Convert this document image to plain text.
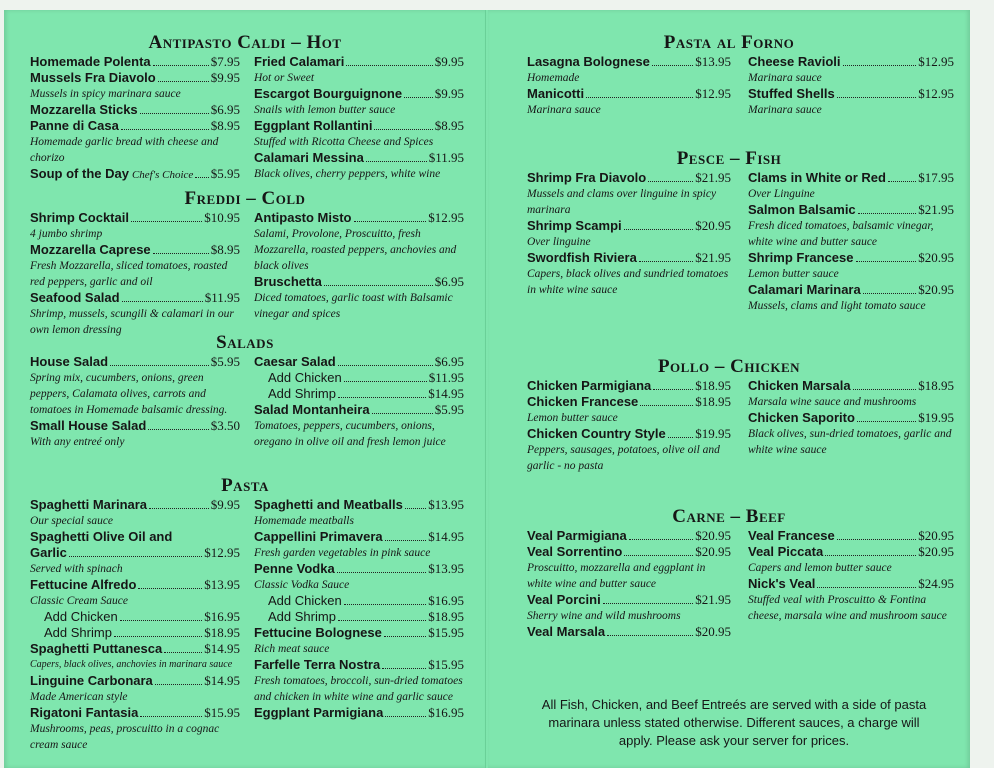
Antipasto Caldi – Hot
Homemade Polenta	$7.95
Mussels Fra Diavolo	$9.95
Mussels in spicy marinara sauce
Mozzarella Sticks	$6.95
Panne di Casa	$8.95
Homemade garlic bread with cheese and chorizo
Soup of the Day Chef's Choice $5.95
Fried Calamari	$9.95
Hot or Sweet
Escargot Bourguignone	$9.95
Snails with lemon butter sauce
Eggplant Rollantini	$8.95
Stuffed with Ricotta Cheese and Spices
Calamari Messina	$11.95
Black olives, cherry peppers, white wine
Freddi – Cold
Shrimp Cocktail	$10.95
4 jumbo shrimp
Mozzarella Caprese	$8.95
Fresh Mozzarella, sliced tomatoes, roasted red peppers, garlic and oil
Seafood Salad	$11.95
Shrimp, mussels, scungili & calamari in our own lemon dressing
Antipasto Misto	$12.95
Salami, Provolone, Proscuitto, fresh Mozzarella, roasted peppers, anchovies and black olives
Bruschetta	$6.95
Diced tomatoes, garlic toast with Balsamic vinegar and spices
Salads
House Salad	$5.95
Spring mix, cucumbers, onions, green peppers, Calamata olives, carrots and tomatoes in Homemade balsamic dressing.
Small House Salad	$3.50
With any entreé only
Caesar Salad	$6.95
Add Chicken	$11.95
Add Shrimp	$14.95
Salad Montanheira	$5.95
Tomatoes, peppers, cucumbers, onions, oregano in olive oil and fresh lemon juice
Pasta
Spaghetti Marinara	$9.95
Our special sauce
Spaghetti Olive Oil and
Garlic	$12.95
Served with spinach
Fettucine Alfredo	$13.95
Classic Cream Sauce
Add Chicken	$16.95
Add Shrimp	$18.95
Spaghetti Puttanesca	$14.95
Capers, black olives, anchovies in marinara sauce
Linguine Carbonara	$14.95
Made American style
Rigatoni Fantasia	$15.95
Mushrooms, peas, proscuitto in a cognac cream sauce
Spaghetti and Meatballs $13.95
Homemade meatballs
Cappellini Primavera	$14.95
Fresh garden vegetables in pink sauce
Penne Vodka	$13.95
Classic Vodka Sauce
Add Chicken	$16.95
Add Shrimp	$18.95
Fettucine Bolognese	$15.95
Rich meat sauce
Farfelle Terra Nostra	$15.95
Fresh tomatoes, broccoli, sun-dried tomatoes and chicken in white wine and garlic sauce
Eggplant Parmigiana	$16.95
All Fish, Chicken, and Beef Entreés are served with a side of pasta marinara unless stated otherwise. Different sauces, a charge will apply. Please ask your server for prices.
Pasta al Forno
Lasagna Bolognese	$13.95
Homemade
Manicotti	$12.95
Marinara sauce
Cheese Ravioli	$12.95
Marinara sauce
Stuffed Shells	$12.95
Marinara sauce
Pesce – Fish
Shrimp Fra Diavolo	$21.95
Mussels and clams over linguine in spicy marinara
Shrimp Scampi	$20.95
Over linguine
Swordfish Riviera	$21.95
Capers, black olives and sundried tomatoes in white wine sauce
Clams in White or Red $17.95
Over Linguine
Salmon Balsamic	$21.95
Fresh diced tomatoes, balsamic vinegar, white wine and butter sauce
Shrimp Francese	$20.95
Lemon butter sauce
Calamari Marinara	$20.95
Mussels, clams and light tomato sauce
Pollo – Chicken
Chicken Parmigiana	$18.95
Chicken Francese	$18.95
Lemon butter sauce
Chicken Country Style $19.95
Peppers, sausages, potatoes, olive oil and garlic - no pasta
Chicken Marsala	$18.95
Marsala wine sauce and mushrooms
Chicken Saporito	$19.95
Black olives, sun-dried tomatoes, garlic and white wine sauce
Carne – Beef
Veal Parmigiana	$20.95
Veal Sorrentino	$20.95
Proscuitto, mozzarella and eggplant in white wine and butter sauce
Veal Porcini	$21.95
Sherry wine and wild mushrooms
Veal Marsala	$20.95
Veal Francese	$20.95
Veal Piccata	$20.95
Capers and lemon butter sauce
Nick's Veal	$24.95
Stuffed veal with Proscuitto & Fontina cheese, marsala wine and mushroom sauce
